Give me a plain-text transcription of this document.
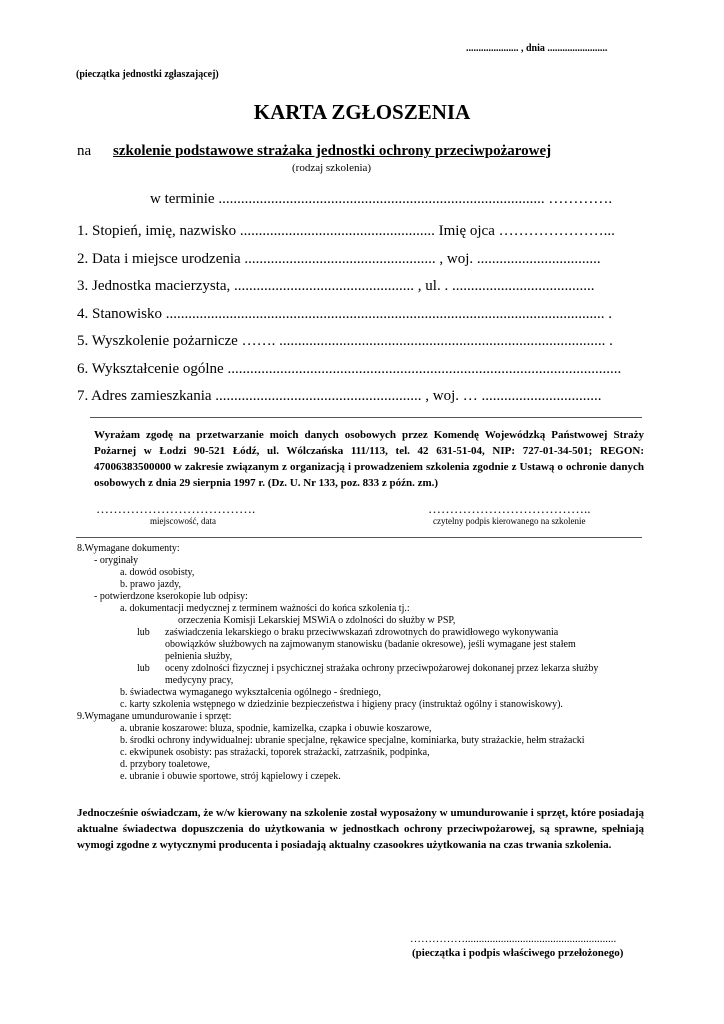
..................... , dnia ........................
(pieczątka jednostki zgłaszającej)
KARTA ZGŁOSZENIA
na szkolenie podstawowe strażaka jednostki ochrony przeciwpożarowej
(rodzaj szkolenia)
w terminie ....................................................................................... ………….
1. Stopień, imię, nazwisko .................................................... Imię ojca …………………...
2. Data i miejsce urodzenia ................................................... , woj. .................................
3. Jednostka macierzysta, ................................................ , ul. . ......................................
4. Stanowisko ..................................................................................................................... .
5. Wyszkolenie pożarnicze ……. ....................................................................................... .
6. Wykształcenie ogólne .........................................................................................................
7. Adres zamieszkania ....................................................... , woj. … ................................
Wyrażam zgodę na przetwarzanie moich danych osobowych przez Komendę Wojewódzką Państwowej Straży Pożarnej w Łodzi 90-521 Łódź, ul. Wólczańska 111/113, tel. 42 631-51-04, NIP: 727-01-34-501; REGON: 47006383500000 w zakresie związanym z organizacją i prowadzeniem szkolenia zgodnie z Ustawą o ochronie danych osobowych z dnia 29 sierpnia 1997 r. (Dz. U. Nr 133, poz. 833 z późn. zm.)
……………………………….
miejscowość, data
………………………………..
czytelny podpis kierowanego na szkolenie
8.Wymagane dokumenty:
- oryginały
a. dowód osobisty,
b. prawo jazdy,
- potwierdzone kserokopie lub odpisy:
a. dokumentacji medycznej z terminem ważności do końca szkolenia tj.:
orzeczenia Komisji Lekarskiej MSWiA o zdolności do służby w PSP,
lub zaświadczenia lekarskiego o braku przeciwwskazań zdrowotnych do prawidłowego wykonywania
obowiązków służbowych na zajmowanym stanowisku (badanie okresowe), jeśli wymagane jest stałem
pełnienia służby,
lub oceny zdolności fizycznej i psychicznej strażaka ochrony przeciwpożarowej dokonanej przez lekarza służby
medycyny pracy,
b. świadectwa wymaganego wykształcenia ogólnego - średniego,
c. karty szkolenia wstępnego w dziedzinie bezpieczeństwa i higieny pracy (instruktaż ogólny i stanowiskowy).
9.Wymagane umundurowanie i sprzęt:
a. ubranie koszarowe: bluza, spodnie, kamizelka, czapka i obuwie koszarowe,
b. środki ochrony indywidualnej: ubranie specjalne, rękawice specjalne, kominiarka, buty strażackie, hełm strażacki
c. ekwipunek osobisty: pas strażacki, toporek strażacki, zatrzaśnik, podpinka,
d. przybory toaletowe,
e. ubranie i obuwie sportowe, strój kąpielowy i czepek.
Jednocześnie oświadczam, że w/w kierowany na szkolenie został wyposażony w umundurowanie i sprzęt, które posiadają aktualne świadectwa dopuszczenia do użytkowania w jednostkach ochrony przeciwpożarowej, są sprawne, spełniają wymogi zgodne z wytycznymi producenta i posiadają aktualny czasookres użytkowania na czas trwania szkolenia.
…………….......................................................
(pieczątka i podpis właściwego przełożonego)
